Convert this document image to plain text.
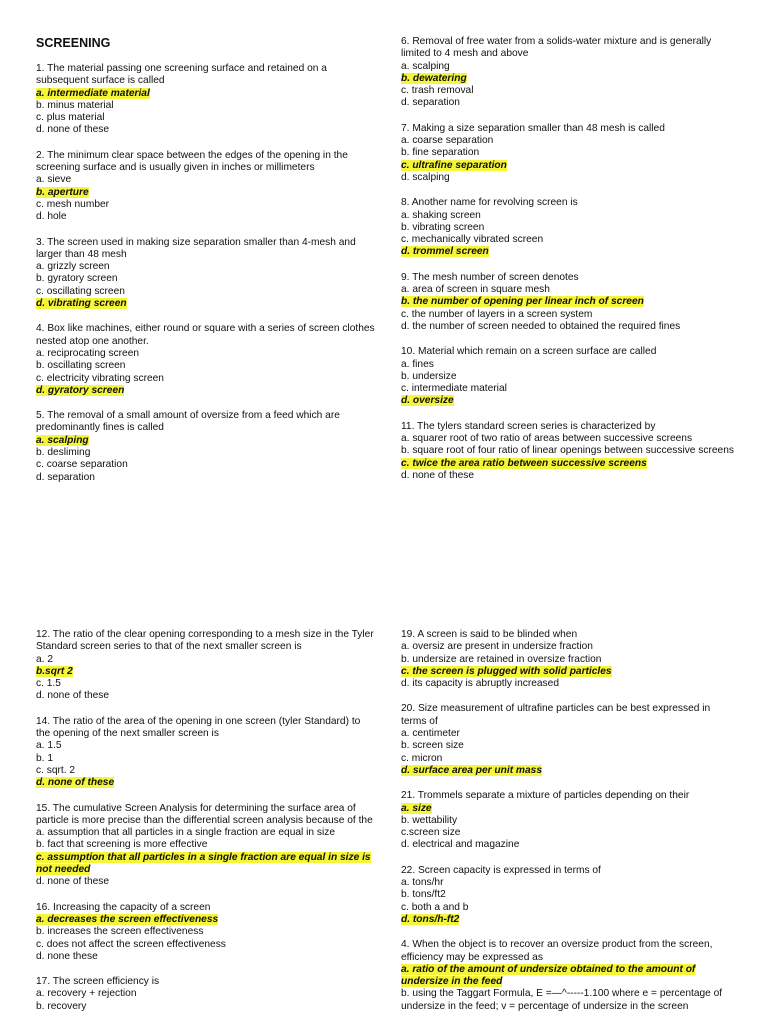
SCREENING
1. The material passing one screening surface and retained on a subsequent surface is called
a. intermediate material
b. minus material
c. plus material
d. none of these
2. The minimum clear space between the edges of the opening in the screening surface and is usually given in inches or millimeters
a. sieve
b. aperture
c. mesh number
d. hole
3. The screen used in making size separation smaller than 4-mesh and larger than 48 mesh
a. grizzly screen
b. gyratory screen
c. oscillating screen
d. vibrating screen
4. Box like machines, either round or square with a series of screen clothes nested atop one another.
a. reciprocating screen
b. oscillating screen
c. electricity vibrating screen
d. gyratory screen
5. The removal of a small amount of oversize from a feed which are predominantly fines is called
a. scalping
b. desliming
c. coarse separation
d. separation
6. Removal of free water from a solids-water mixture and is generally limited to 4 mesh and above
a. scalping
b. dewatering
c. trash removal
d. separation
7. Making a size separation smaller than 48 mesh is called
a. coarse separation
b. fine separation
c. ultrafine separation
d. scalping
8. Another name for revolving screen is
a. shaking screen
b. vibrating screen
c. mechanically vibrated screen
d. trommel screen
9. The mesh number of screen denotes
a. area of screen in square mesh
b. the number of opening per linear inch of screen
c. the number of layers in a screen system
d. the number of screen needed to obtained the required fines
10. Material which remain on a screen surface are called
a. fines
b. undersize
c. intermediate material
d. oversize
11. The tylers standard screen series is characterized by
a. squarer root of two ratio of areas between successive screens
b. square root of four ratio of linear openings between successive screens
c. twice the area ratio between successive screens
d. none of these
12. The ratio of the clear opening corresponding to a mesh size in the Tyler Standard screen series to that of the next smaller screen is
a. 2
b.sqrt 2
c. 1.5
d. none of these
14. The ratio of the area of the opening in one screen (tyler Standard) to the opening of the next smaller screen is
a. 1.5
b. 1
c. sqrt. 2
d. none of these
15. The cumulative Screen Analysis for determining the surface area of particle is more precise than the differential screen analysis because of the
a. assumption that all particles in a single fraction are equal in size
b. fact that screening is more effective
c. assumption that all particles in a single fraction are equal in size is not needed
d. none of these
16. Increasing the capacity of a screen
a. decreases the screen effectiveness
b. increases the screen effectiveness
c. does not affect the screen effectiveness
d. none these
17. The screen efficiency is
a. recovery + rejection
b. recovery
19. A screen is said to be blinded when
a. oversiz are present in undersize fraction
b. undersize are retained in oversize fraction
c. the screen is plugged with solid particles
d. its capacity is abruptly increased
20. Size measurement of ultrafine particles can be best expressed in terms of
a. centimeter
b. screen size
c. micron
d. surface area per unit mass
21. Trommels separate a mixture of particles depending on their
a. size
b. wettability
c.screen size
d. electrical and magazine
22. Screen capacity is expressed in terms of
a. tons/hr
b. tons/ft2
c. both a and b
d. tons/h-ft2
4. When the object is to recover an oversize product from the screen, efficiency may be expressed as
a. ratio of the amount of undersize obtained to the amount of undersize in the feed
b. using the Taggart Formula, E =—^-----1.100 where e = percentage of
undersize in the feed; v = percentage of undersize in the screen
